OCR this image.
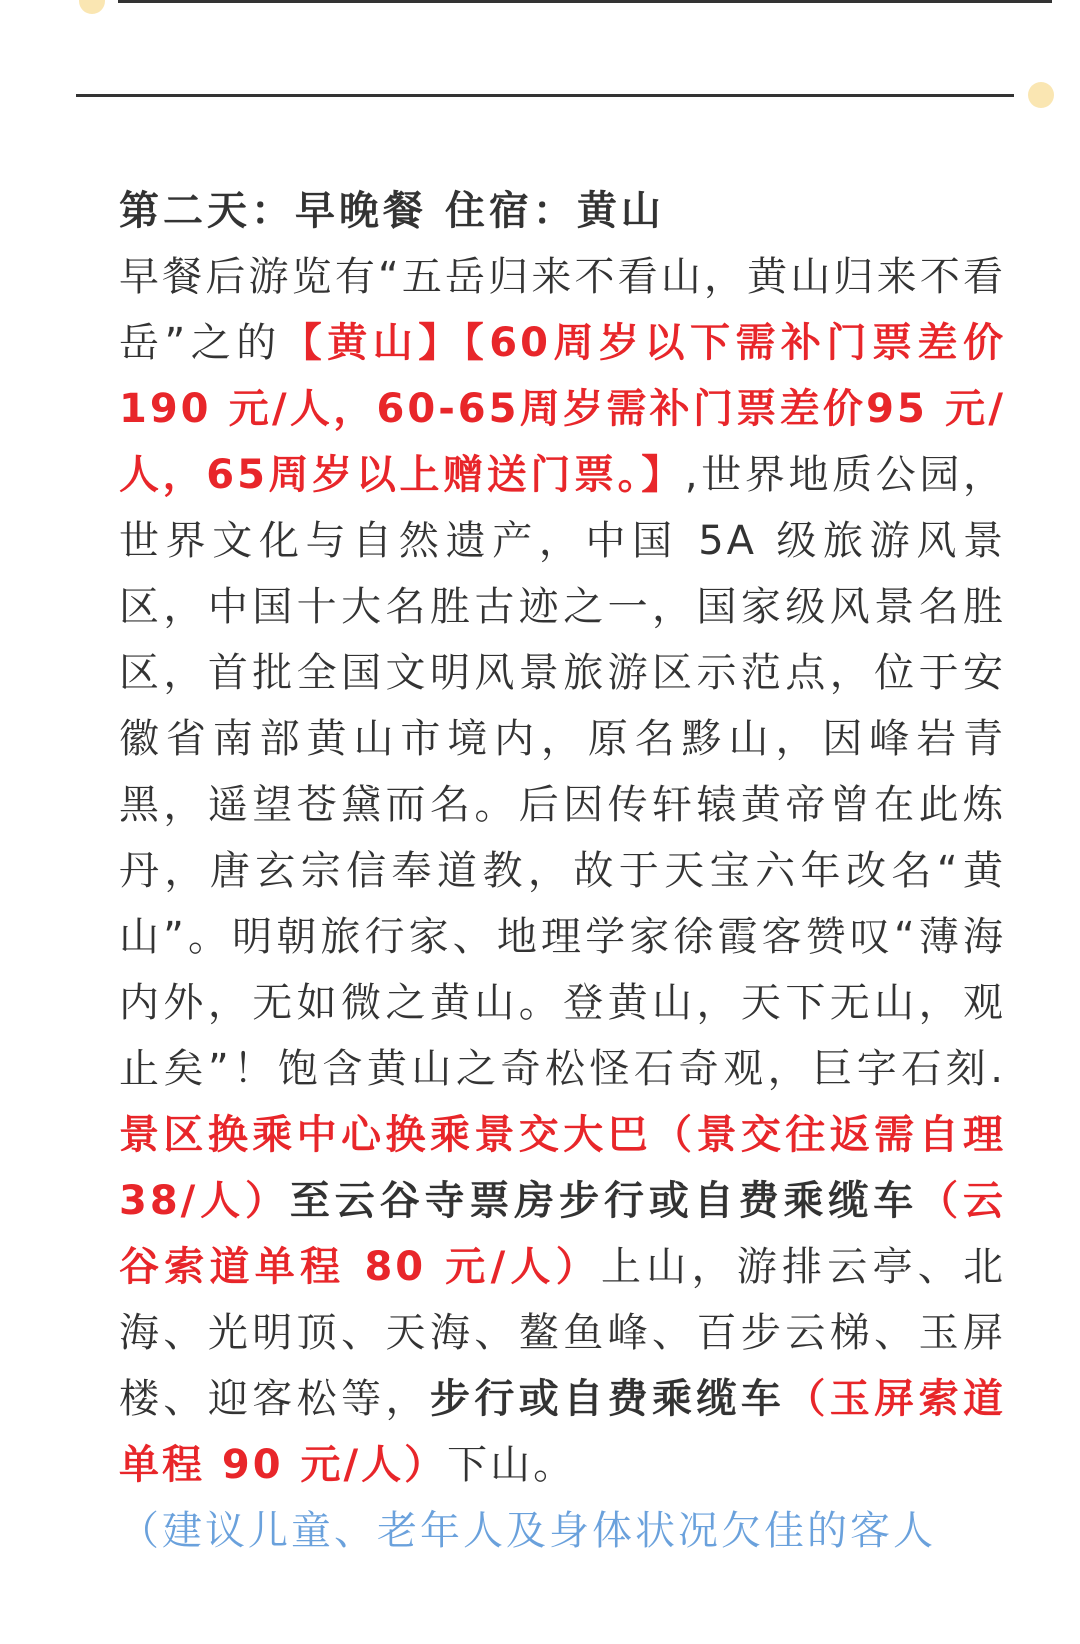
第二天：早晚餐 住宿：黄山

早餐后游览有“五岳归来不看山，黄山归来不看岳”之的【黄山】【60周岁以下需补门票差价 190 元/人，60-65周岁需补门票差价95 元/人，65周岁以上赠送门票。】,世界地质公园，世界文化与自然遗产，中国 5A 级旅游风景区，中国十大名胜古迹之一，国家级风景名胜区，首批全国文明风景旅游区示范点，位于安徽省南部黄山市境内，原名黟山，因峰岩青黑，遥望苍黛而名。后因传轩辕黄帝曾在此炼丹，唐玄宗信奉道教，故于天宝六年改名“黄山”。明朝旅行家、地理学家徐霞客赞叹“薄海内外，无如微之黄山。登黄山，天下无山，观止矣”！饱含黄山之奇松怪石奇观，巨字石刻.景区换乘中心换乘景交大巴（景交往返需自理38/人）至云谷寺票房步行或自费乘缆车（云谷索道单程 80 元/人）上山，游排云亭、北海、光明顶、天海、鳌鱼峰、百步云梯、玉屏楼、迎客松等，步行或自费乘缆车（玉屏索道单程 90 元/人）下山。

（建议儿童、老年人及身体状况欠佳的客人
